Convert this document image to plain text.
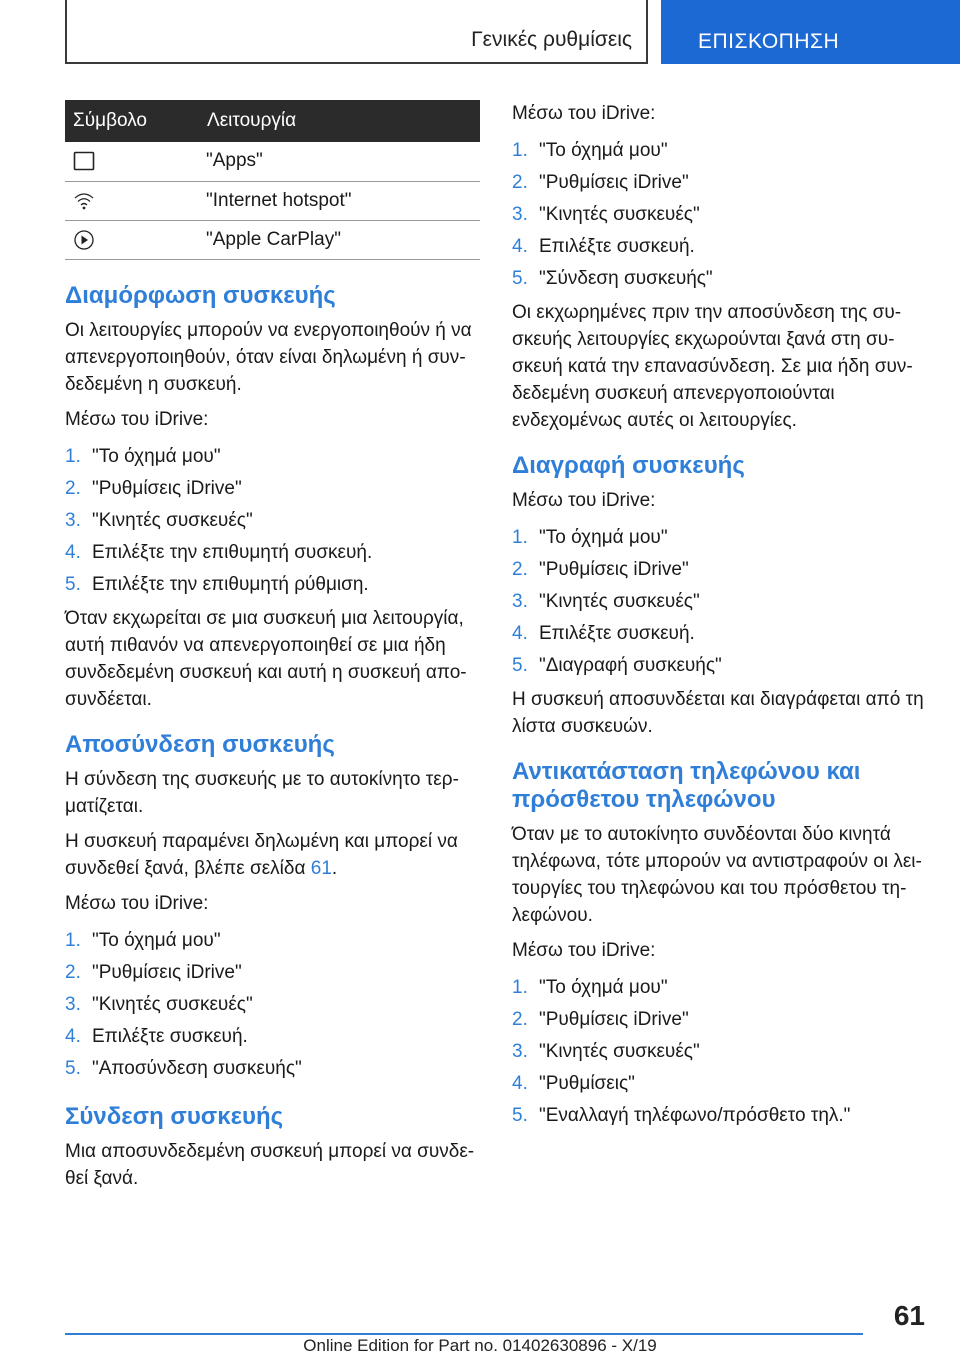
Γενικές ρυθμίσεις	ΕΠΙΣΚΟΠΗΣΗ
Σύμβολο	Λειτουργία

	"Apps"

	"Internet hotspot"

	"Apple CarPlay"
Διαμόρφωση συσκευής

Οι λειτουργίες μπορούν να ενεργοποιηθούν ή να απενεργοποιηθούν, όταν είναι δηλωμένη ή συνδεδεμένη η συσκευή.

Μέσω του iDrive:

1. "Το όχημά μου"
2. "Ρυθμίσεις iDrive"
3. "Κινητές συσκευές"
4. Επιλέξτε την επιθυμητή συσκευή.
5. Επιλέξτε την επιθυμητή ρύθμιση.

Όταν εκχωρείται σε μια συσκευή μια λειτουργία, αυτή πιθανόν να απενεργοποιηθεί σε μια ήδη συνδεδεμένη συσκευή και αυτή η συσκευή αποσυνδέεται.

Αποσύνδεση συσκευής

Η σύνδεση της συσκευής με το αυτοκίνητο τερματίζεται.

Η συσκευή παραμένει δηλωμένη και μπορεί να συνδεθεί ξανά, βλέπε σελίδα 61.

Μέσω του iDrive:

1. "Το όχημά μου"
2. "Ρυθμίσεις iDrive"
3. "Κινητές συσκευές"
4. Επιλέξτε συσκευή.
5. "Αποσύνδεση συσκευής"
Σύνδεση συσκευής

Μια αποσυνδεδεμένη συσκευή μπορεί να συνδεθεί ξανά.

Μέσω του iDrive:

1. "Το όχημά μου"
2. "Ρυθμίσεις iDrive"
3. "Κινητές συσκευές"
4. Επιλέξτε συσκευή.
5. "Σύνδεση συσκευής"

Οι εκχωρημένες πριν την αποσύνδεση της συσκευής λειτουργίες εκχωρούνται ξανά στη συσκευή κατά την επανασύνδεση. Σε μια ήδη συνδεδεμένη συσκευή απενεργοποιούνται ενδεχομένως αυτές οι λειτουργίες.

Διαγραφή συσκευής

Μέσω του iDrive:

1. "Το όχημά μου"
2. "Ρυθμίσεις iDrive"
3. "Κινητές συσκευές"
4. Επιλέξτε συσκευή.
5. "Διαγραφή συσκευής"

Η συσκευή αποσυνδέεται και διαγράφεται από τη λίστα συσκευών.

Αντικατάσταση τηλεφώνου και πρόσθετου τηλεφώνου

Όταν με το αυτοκίνητο συνδέονται δύο κινητά τηλέφωνα, τότε μπορούν να αντιστραφούν οι λειτουργίες του τηλεφώνου και του πρόσθετου τηλεφώνου.

Μέσω του iDrive:

1. "Το όχημά μου"
2. "Ρυθμίσεις iDrive"
3. "Κινητές συσκευές"
4. "Ρυθμίσεις"
5. "Εναλλαγή τηλέφωνο/πρόσθετο τηλ."
61
Online Edition for Part no. 01402630896 - X/19
